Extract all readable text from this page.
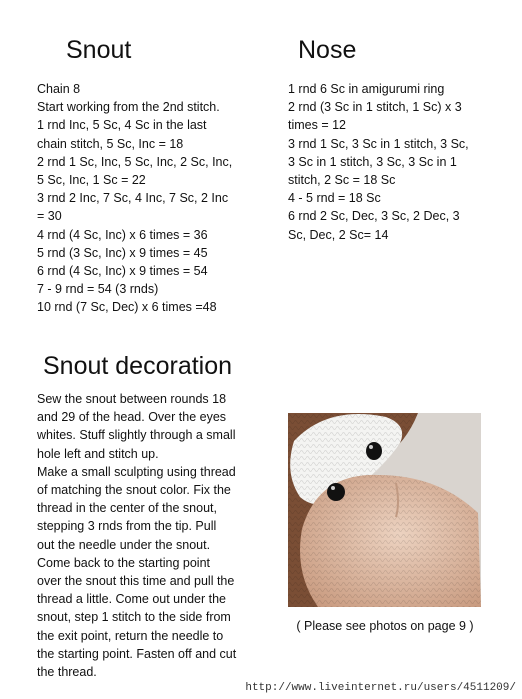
Snout	Nose
Chain 8
Start working from the 2nd stitch.
1 rnd Inc, 5 Sc, 4 Sc in the last
chain stitch, 5 Sc, Inc = 18
2 rnd 1 Sc, Inc, 5 Sc, Inc, 2 Sc, Inc,
5 Sc, Inc, 1 Sc = 22
3 rnd 2 Inc, 7 Sc, 4 Inc, 7 Sc, 2 Inc
= 30
4 rnd (4 Sc, Inc) x 6 times = 36
5 rnd (3 Sc, Inc) x 9 times = 45
6 rnd (4 Sc, Inc) x 9 times = 54
7 - 9 rnd = 54 (3 rnds)
10 rnd (7 Sc, Dec) x 6 times =48
1 rnd 6 Sc in amigurumi ring
2 rnd (3 Sc in 1 stitch, 1 Sc) x 3
times = 12
3 rnd 1 Sc, 3 Sc in 1 stitch, 3 Sc,
3 Sc in 1 stitch, 3 Sc, 3 Sc in 1
stitch, 2 Sc = 18 Sc
4 - 5 rnd = 18 Sc
6 rnd 2 Sc, Dec, 3 Sc, 2 Dec, 3
Sc, Dec, 2 Sc= 14
Snout decoration
Sew the snout between rounds 18
and 29 of the head. Over the eyes
whites. Stuff slightly through a small
hole left and stitch up.
Make a small sculpting using thread
of matching the snout color. Fix the
thread in the center of the snout,
stepping 3 rnds from the tip. Pull
out the needle under the snout.
Come back to the starting point
over the snout this time and pull the
thread a little. Come out under the
snout, step 1 stitch to the side from
the exit point, return the needle to
the starting point. Fasten off and cut
the thread.
( Please see photos on page 9 )
http://www.liveinternet.ru/users/4511209/
